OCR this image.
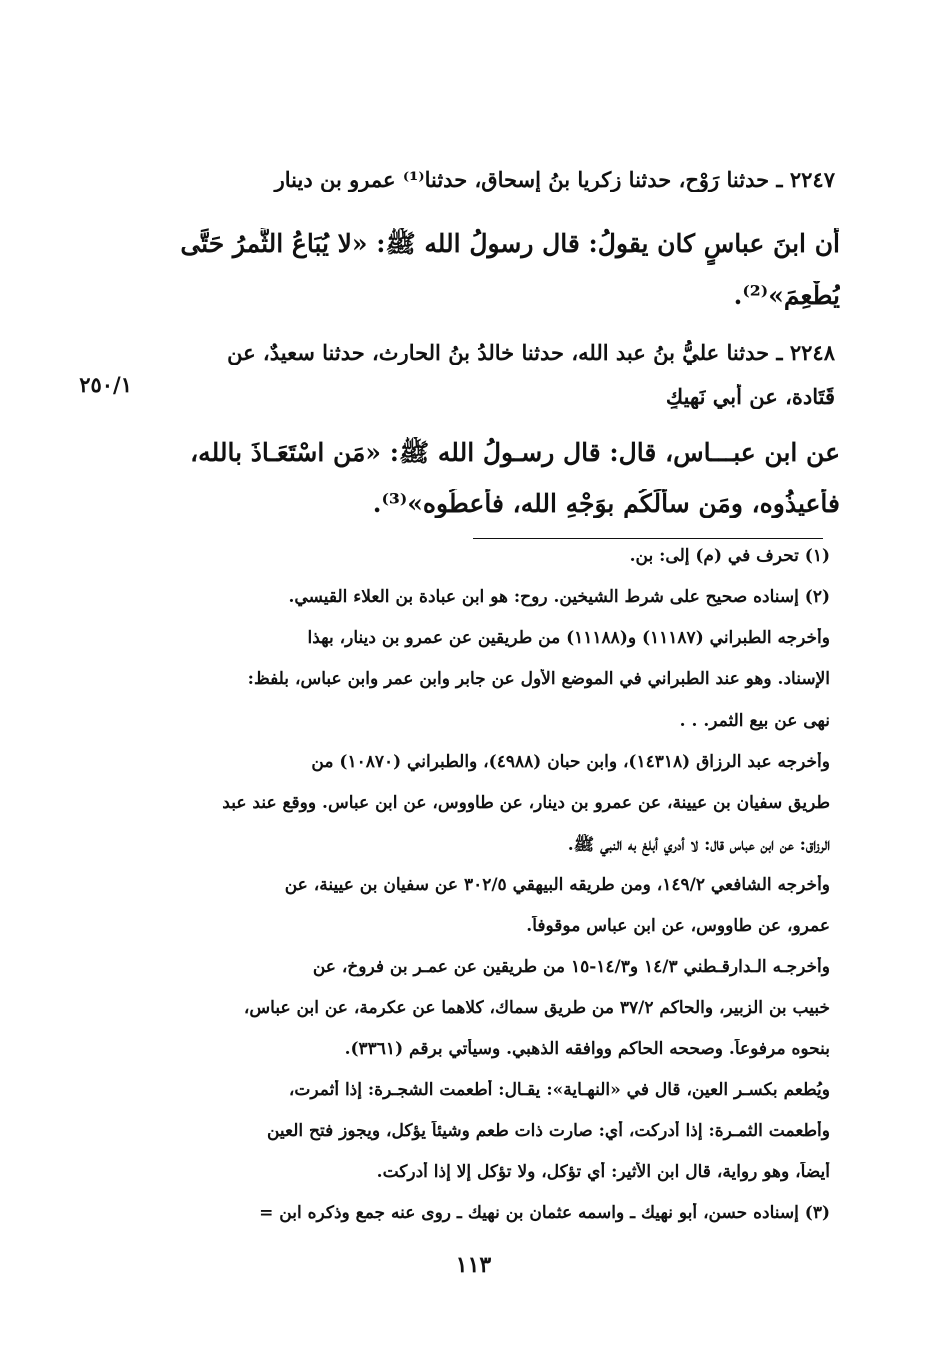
٢٥٠/١
٢٢٤٧ ـ حدثنا رَوْح، حدثنا زكريا بنُ إسحاق، حدثنا⁽¹⁾ عمرو بن دينار
أن ابنَ عباسٍ كان يقولُ: قال رسولُ الله ﷺ: «لا يُبَاعُ الثَّمرُ حَتَّى
يُطْعِمَ»⁽²⁾.
٢٢٤٨ ـ حدثنا عليُّ بنُ عبد الله، حدثنا خالدُ بنُ الحارث، حدثنا سعيدٌ، عن
قَتَادة، عن أبي نَهيكٍ
عن ابن عبـــاس، قال: قال رسـولُ الله ﷺ: «مَن اسْتَعَـاذَ بالله،
فأعيذُوه، ومَن سألَكُم بوَجْهِ الله، فأعطُوه»⁽³⁾.
(١) تحرف في (م) إلى: بن.
(٢) إسناده صحيح على شرط الشيخين. روح: هو ابن عبادة بن العلاء القيسي.
وأخرجه الطبراني (١١١٨٧) و(١١١٨٨) من طريقين عن عمرو بن دينار، بهذا
الإسناد. وهو عند الطبراني في الموضع الأول عن جابر وابن عمر وابن عباس، بلفظ:
نهى عن بيع الثمر. . .
وأخرجه عبد الرزاق (١٤٣١٨)، وابن حبان (٤٩٨٨)، والطبراني (١٠٨٧٠) من
طريق سفيان بن عيينة، عن عمرو بن دينار، عن طاووس، عن ابن عباس. ووقع عند عبد
الرزاق: عن ابن عباس قال: لا أدري أبلغ به النبي ﷺ.
وأخرجه الشافعي ١٤٩/٢، ومن طريقه البيهقي ٣٠٢/٥ عن سفيان بن عيينة، عن
عمرو، عن طاووس، عن ابن عباس موقوفاً.
وأخرجـه الـدارقـطني ١٤/٣ و١٤/٣-١٥ من طريقين عن عمـر بن فروخ، عن
خبيب بن الزبير، والحاكم ٣٧/٢ من طريق سماك، كلاهما عن عكرمة، عن ابن عباس،
بنحوه مرفوعاً. وصححه الحاكم ووافقه الذهبي. وسيأتي برقم (٣٣٦١).
ويُطعم بكسـر العين، قال في «النهـاية»: يقـال: أطعمت الشجـرة: إذا أثمرت،
وأطعمت الثمـرة: إذا أدركت، أي: صارت ذات طعم وشيئاً يؤكل، ويجوز فتح العين
أيضاً، وهو رواية، قال ابن الأثير: أي تؤكل، ولا تؤكل إلا إذا أدركت.
(٣) إسناده حسن، أبو نهيك ـ واسمه عثمان بن نهيك ـ روى عنه جمع وذكره ابن =
١١٣
